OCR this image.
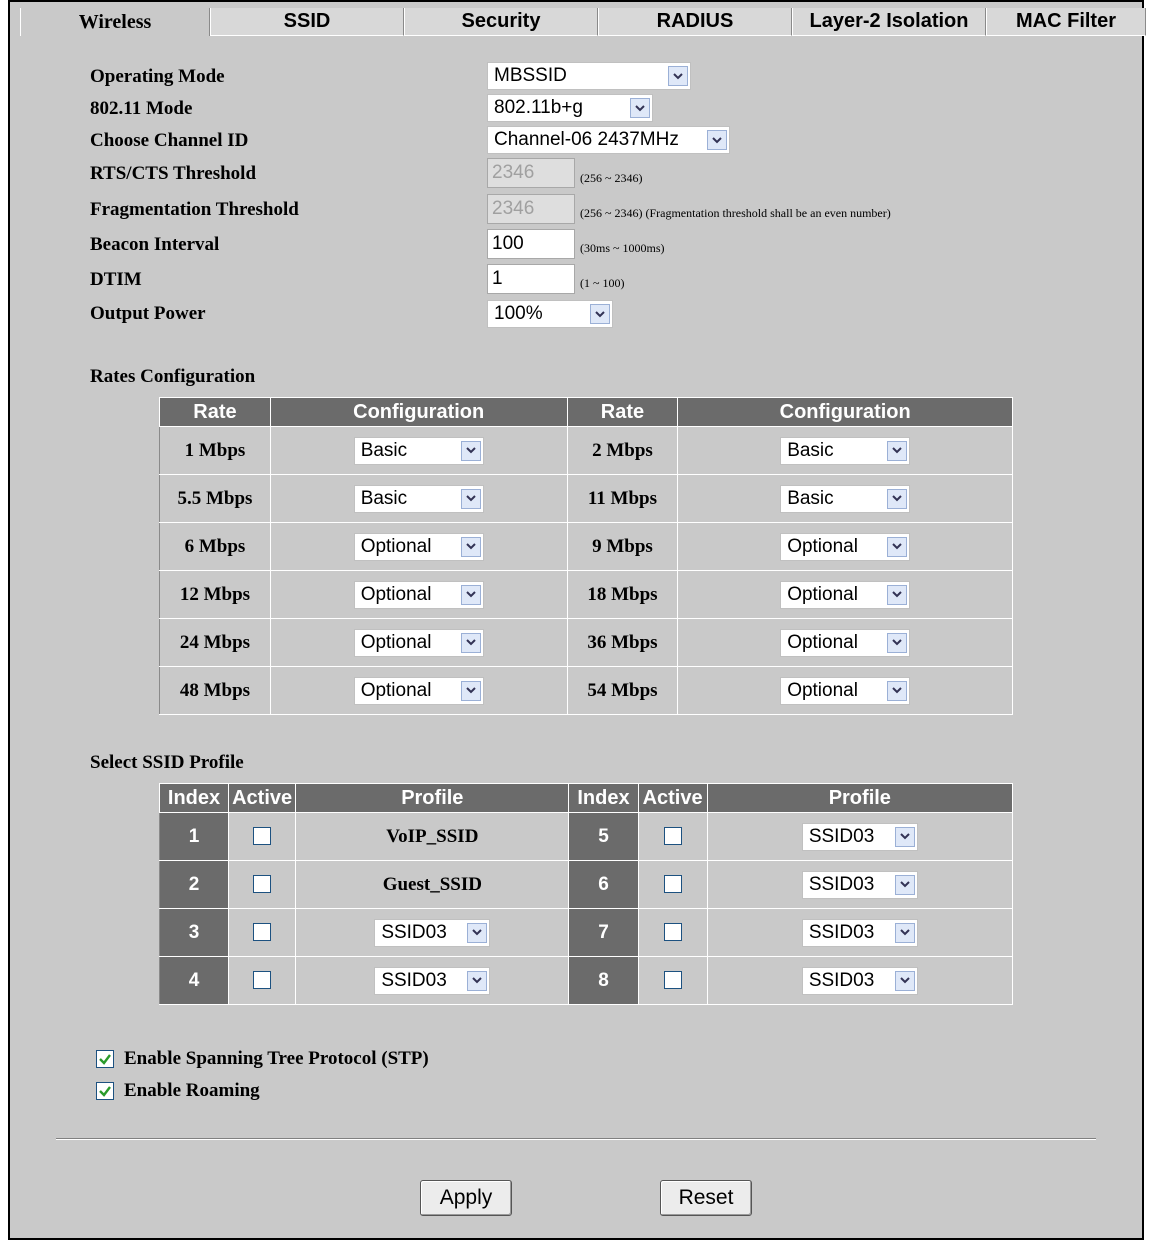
Wireless	SSID	Security	RADIUS	Layer-2 Isolation	MAC Filter
Operating Mode	MBSSID
802.11 Mode	802.11b+g
Choose Channel ID	Channel-06 2437MHz
RTS/CTS Threshold	2346	(256 ~ 2346)
Fragmentation Threshold	2346	(256 ~ 2346) (Fragmentation threshold shall be an even number)
Beacon Interval	100	(30ms ~ 1000ms)
DTIM	1	(1 ~ 100)
Output Power	100%
Rates Configuration
Rate	Configuration	Rate	Configuration
1 Mbps	Basic	2 Mbps	Basic

5.5 Mbps	Basic	11 Mbps	Basic

6 Mbps	Optional	9 Mbps	Optional

12 Mbps	Optional	18 Mbps	Optional

24 Mbps	Optional	36 Mbps	Optional

48 Mbps	Optional	54 Mbps	Optional
Select SSID Profile
Index	Active	Profile	Index	Active	Profile
1		VoIP_SSID	5		SSID03

2		Guest_SSID	6		SSID03

3		SSID03	7		SSID03

4		SSID03	8		SSID03
Enable Spanning Tree Protocol (STP)
Enable Roaming
Apply	Reset
